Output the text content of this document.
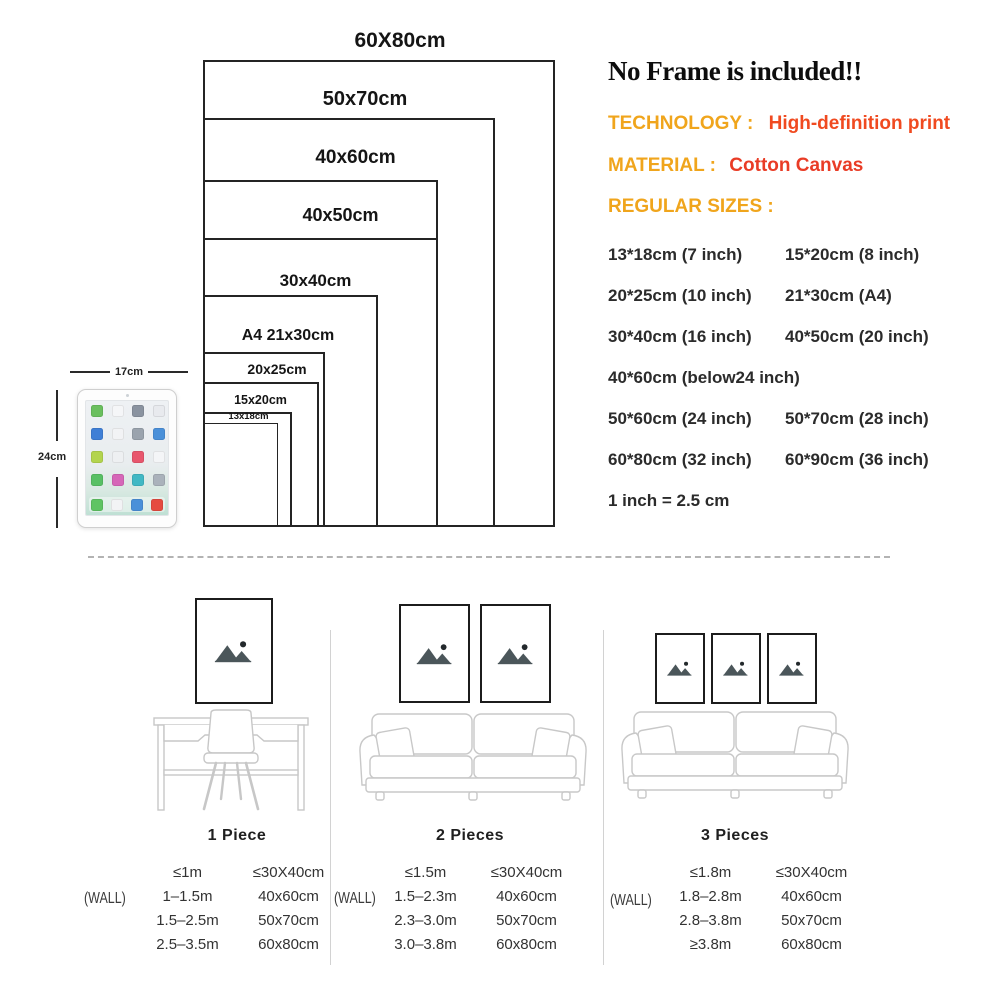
60X80cm
50x70cm
40x60cm
40x50cm
30x40cm
A4 21x30cm
20x25cm
15x20cm
13x18cm
17cm
24cm
No Frame is included!!
TECHNOLOGY : High-definition print
MATERIAL : Cotton Canvas
REGULAR SIZES :
13*18cm (7 inch)	15*20cm (8 inch)
20*25cm (10 inch)	21*30cm (A4)
30*40cm (16 inch)	40*50cm (20 inch)
40*60cm (below24 inch)
50*60cm (24 inch)	50*70cm (28 inch)
60*80cm (32 inch)	60*90cm (36 inch)
1 inch = 2.5 cm
1 Piece
(WALL)
≤1m	≤30X40cm
1–1.5m	40x60cm
1.5–2.5m	50x70cm
2.5–3.5m	60x80cm
2 Pieces
(WALL)
≤1.5m	≤30X40cm
1.5–2.3m	40x60cm
2.3–3.0m	50x70cm
3.0–3.8m	60x80cm
3 Pieces
(WALL)
≤1.8m	≤30X40cm
1.8–2.8m	40x60cm
2.8–3.8m	50x70cm
≥3.8m	60x80cm
